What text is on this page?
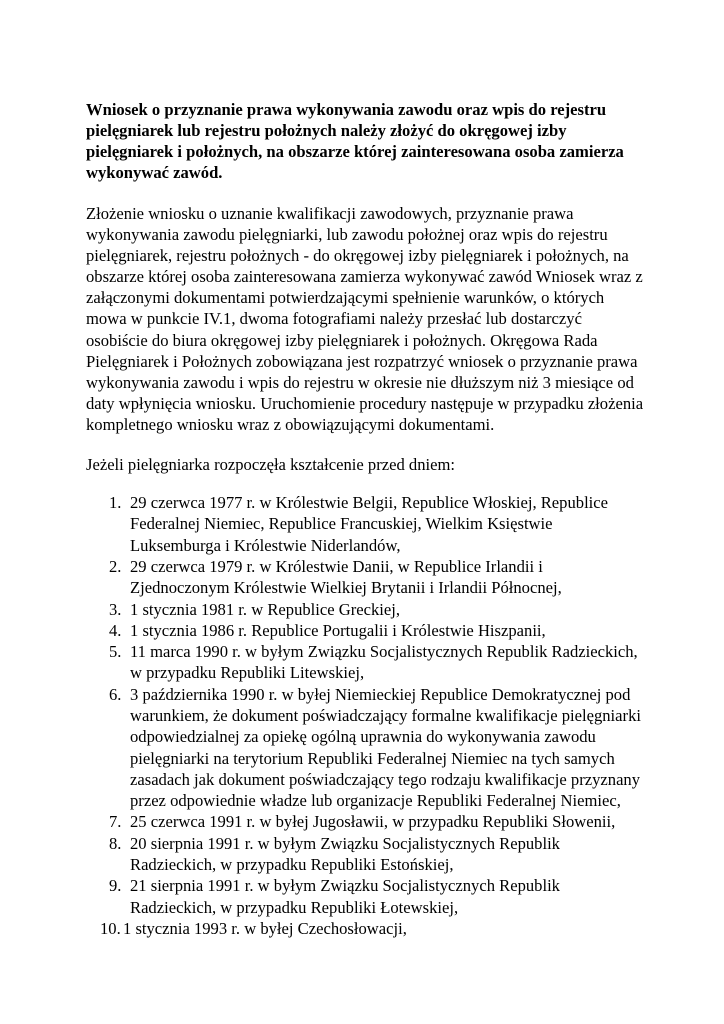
Wniosek o przyznanie prawa wykonywania zawodu oraz wpis do rejestru pielęgniarek lub rejestru położnych należy złożyć do okręgowej izby pielęgniarek i położnych, na obszarze której zainteresowana osoba zamierza wykonywać zawód.

Złożenie wniosku o uznanie kwalifikacji zawodowych, przyznanie prawa wykonywania zawodu pielęgniarki, lub zawodu położnej oraz wpis do rejestru pielęgniarek, rejestru położnych - do okręgowej izby pielęgniarek i położnych, na obszarze której osoba zainteresowana zamierza wykonywać zawód Wniosek wraz z załączonymi dokumentami potwierdzającymi spełnienie warunków, o których mowa w punkcie IV.1, dwoma fotografiami należy przesłać lub dostarczyć osobiście do biura okręgowej izby pielęgniarek i położnych. Okręgowa Rada Pielęgniarek i Położnych zobowiązana jest rozpatrzyć wniosek o przyznanie prawa wykonywania zawodu i wpis do rejestru w okresie nie dłuższym niż 3 miesiące od daty wpłynięcia wniosku. Uruchomienie procedury następuje w przypadku złożenia kompletnego wniosku wraz z obowiązującymi dokumentami.

Jeżeli pielęgniarka rozpoczęła kształcenie przed dniem:

1. 29 czerwca 1977 r. w Królestwie Belgii, Republice Włoskiej, Republice Federalnej Niemiec, Republice Francuskiej, Wielkim Księstwie Luksemburga i Królestwie Niderlandów,
2. 29 czerwca 1979 r. w Królestwie Danii, w Republice Irlandii i Zjednoczonym Królestwie Wielkiej Brytanii i Irlandii Północnej,
3. 1 stycznia 1981 r. w Republice Greckiej,
4. 1 stycznia 1986 r. Republice Portugalii i Królestwie Hiszpanii,
5. 11 marca 1990 r. w byłym Związku Socjalistycznych Republik Radzieckich, w przypadku Republiki Litewskiej,
6. 3 października 1990 r. w byłej Niemieckiej Republice Demokratycznej pod warunkiem, że dokument poświadczający formalne kwalifikacje pielęgniarki odpowiedzialnej za opiekę ogólną uprawnia do wykonywania zawodu pielęgniarki na terytorium Republiki Federalnej Niemiec na tych samych zasadach jak dokument poświadczający tego rodzaju kwalifikacje przyznany przez odpowiednie władze lub organizacje Republiki Federalnej Niemiec,
7. 25 czerwca 1991 r. w byłej Jugosławii, w przypadku Republiki Słowenii,
8. 20 sierpnia 1991 r. w byłym Związku Socjalistycznych Republik Radzieckich, w przypadku Republiki Estońskiej,
9. 21 sierpnia 1991 r. w byłym Związku Socjalistycznych Republik Radzieckich, w przypadku Republiki Łotewskiej,
10. 1 stycznia 1993 r. w byłej Czechosłowacji,
